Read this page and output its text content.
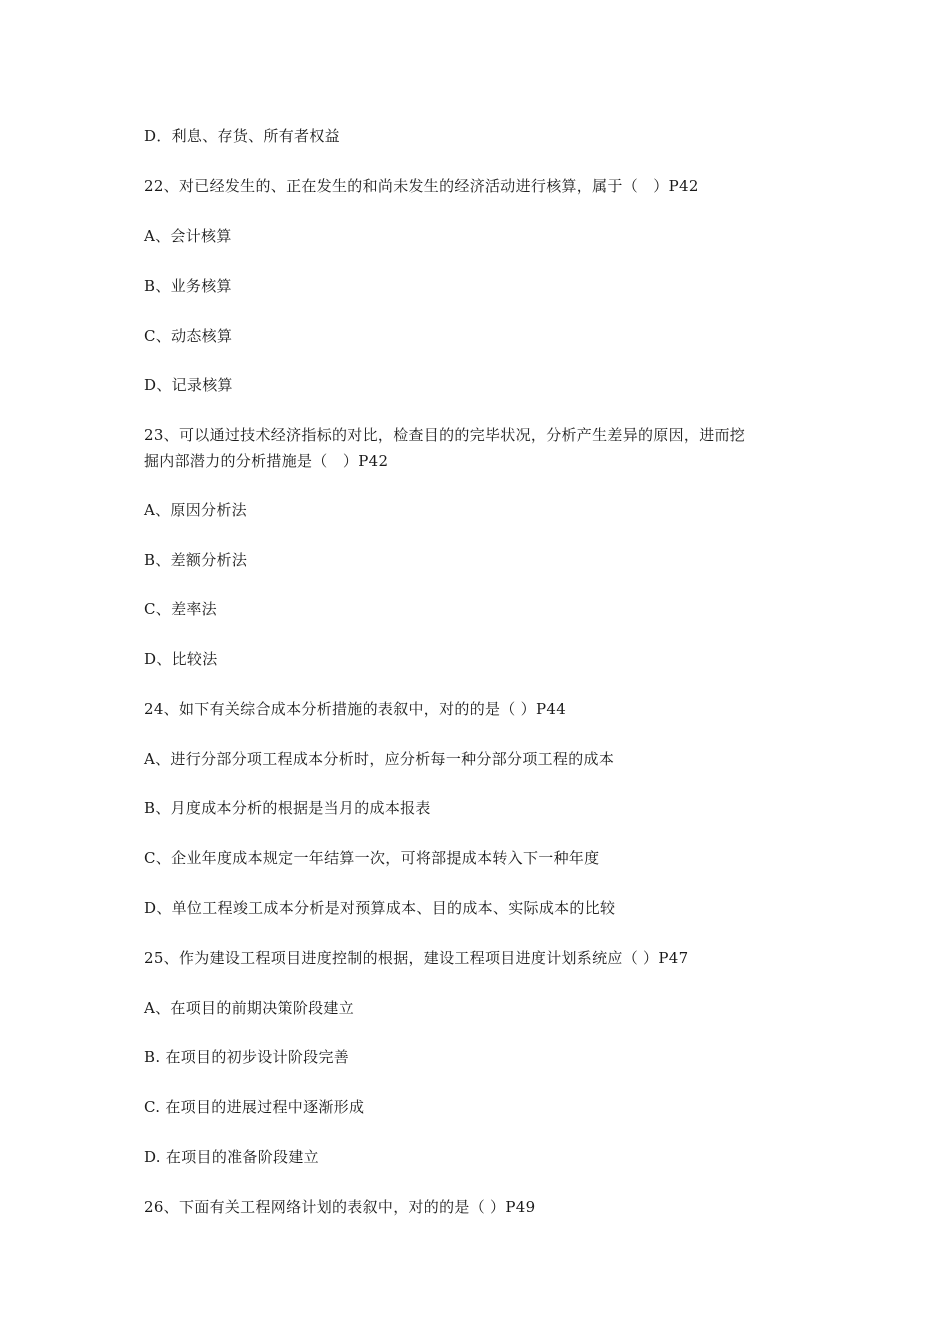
D．利息、存货、所有者权益
22、对已经发生的、正在发生的和尚未发生的经济活动进行核算，属于（　）P42
A、会计核算
B、业务核算
C、动态核算
D、记录核算
23、可以通过技术经济指标的对比，检查目的的完毕状况，分析产生差异的原因，进而挖
掘内部潜力的分析措施是（　）P42
A、原因分析法
B、差额分析法
C、差率法
D、比较法
24、如下有关综合成本分析措施的表叙中，对的的是（ ）P44
A、进行分部分项工程成本分析时，应分析每一种分部分项工程的成本
B、月度成本分析的根据是当月的成本报表
C、企业年度成本规定一年结算一次，可将部提成本转入下一种年度
D、单位工程竣工成本分析是对预算成本、目的成本、实际成本的比较
25、作为建设工程项目进度控制的根据，建设工程项目进度计划系统应（ ）P47
A、在项目的前期决策阶段建立
B. 在项目的初步设计阶段完善
C. 在项目的进展过程中逐渐形成
D. 在项目的准备阶段建立
26、下面有关工程网络计划的表叙中，对的的是（ ）P49
